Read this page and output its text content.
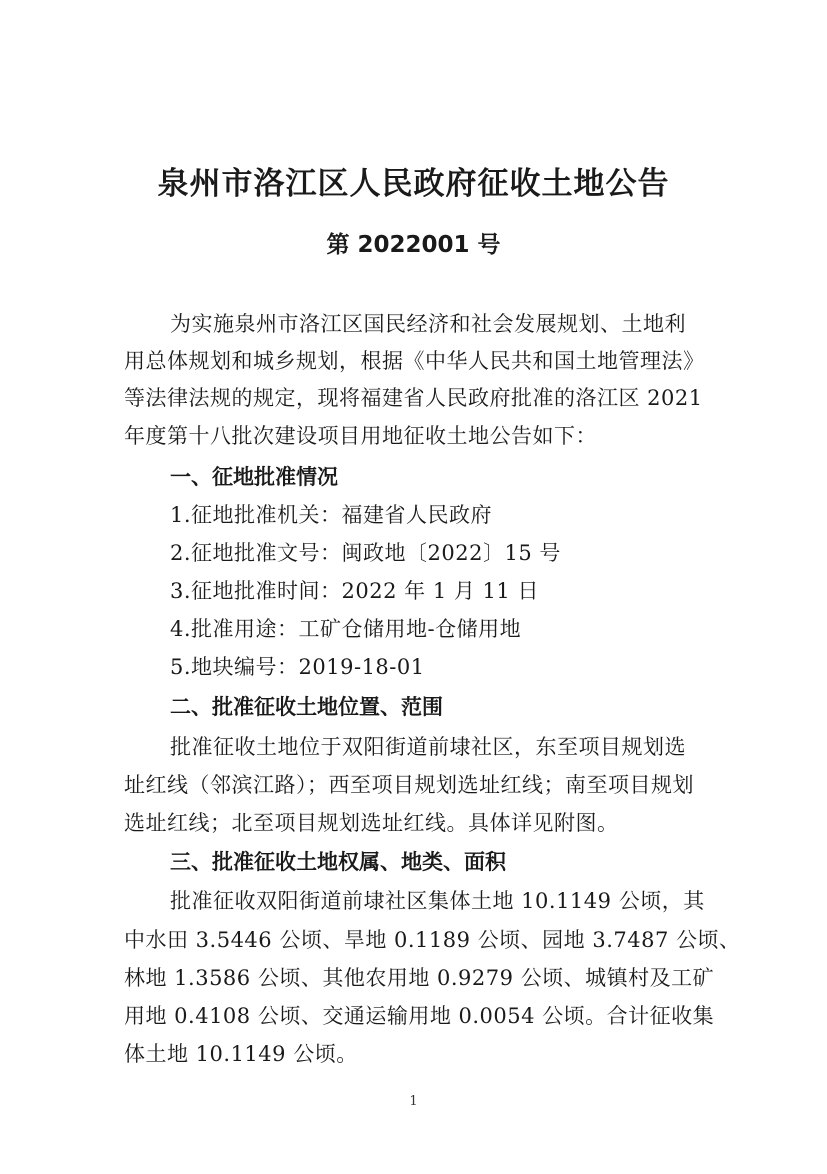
泉州市洛江区人民政府征收土地公告
第 2022001 号
为实施泉州市洛江区国民经济和社会发展规划、土地利
用总体规划和城乡规划，根据《中华人民共和国土地管理法》
等法律法规的规定，现将福建省人民政府批准的洛江区 2021
年度第十八批次建设项目用地征收土地公告如下：
一、征地批准情况
1.征地批准机关：福建省人民政府
2.征地批准文号：闽政地〔2022〕15 号
3.征地批准时间：2022 年 1 月 11 日
4.批准用途：工矿仓储用地-仓储用地
5.地块编号：2019-18-01
二、批准征收土地位置、范围
批准征收土地位于双阳街道前埭社区，东至项目规划选
址红线（邻滨江路）；西至项目规划选址红线；南至项目规划
选址红线；北至项目规划选址红线。具体详见附图。
三、批准征收土地权属、地类、面积
批准征收双阳街道前埭社区集体土地 10.1149 公顷，其
中水田 3.5446 公顷、旱地 0.1189 公顷、园地 3.7487 公顷、
林地 1.3586 公顷、其他农用地 0.9279 公顷、城镇村及工矿
用地 0.4108 公顷、交通运输用地 0.0054 公顷。合计征收集
体土地 10.1149 公顷。
1
